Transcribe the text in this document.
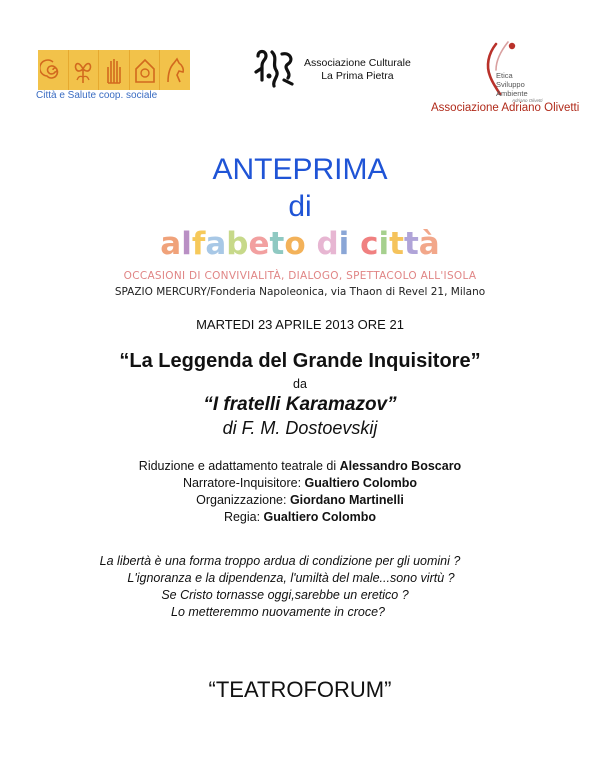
Città e Salute coop. sociale
Associazione Culturale
La Prima Pietra	Etica
Sviluppo
Ambiente
Adriano Olivetti
Associazione Adriano Olivetti
ANTEPRIMA
di
alfabeto di città
OCCASIONI DI CONVIVIALITÀ, DIALOGO, SPETTACOLO ALL'ISOLA
SPAZIO MERCURY/Fonderia Napoleonica, via Thaon di Revel 21, Milano
MARTEDI 23 APRILE 2013 ORE 21
“La Leggenda del Grande Inquisitore”
da
“I fratelli Karamazov”
di F. M. Dostoevskij
Riduzione e adattamento teatrale di Alessandro Boscaro
Narratore-Inquisitore: Gualtiero Colombo
Organizzazione: Giordano Martinelli
Regia: Gualtiero Colombo
La libertà è una forma troppo ardua di condizione per gli uomini ?
L'ignoranza e la dipendenza, l'umiltà del male...sono virtù ?
Se Cristo tornasse oggi,sarebbe un eretico ?
Lo metteremmo nuovamente in croce?
“TEATROFORUM”
